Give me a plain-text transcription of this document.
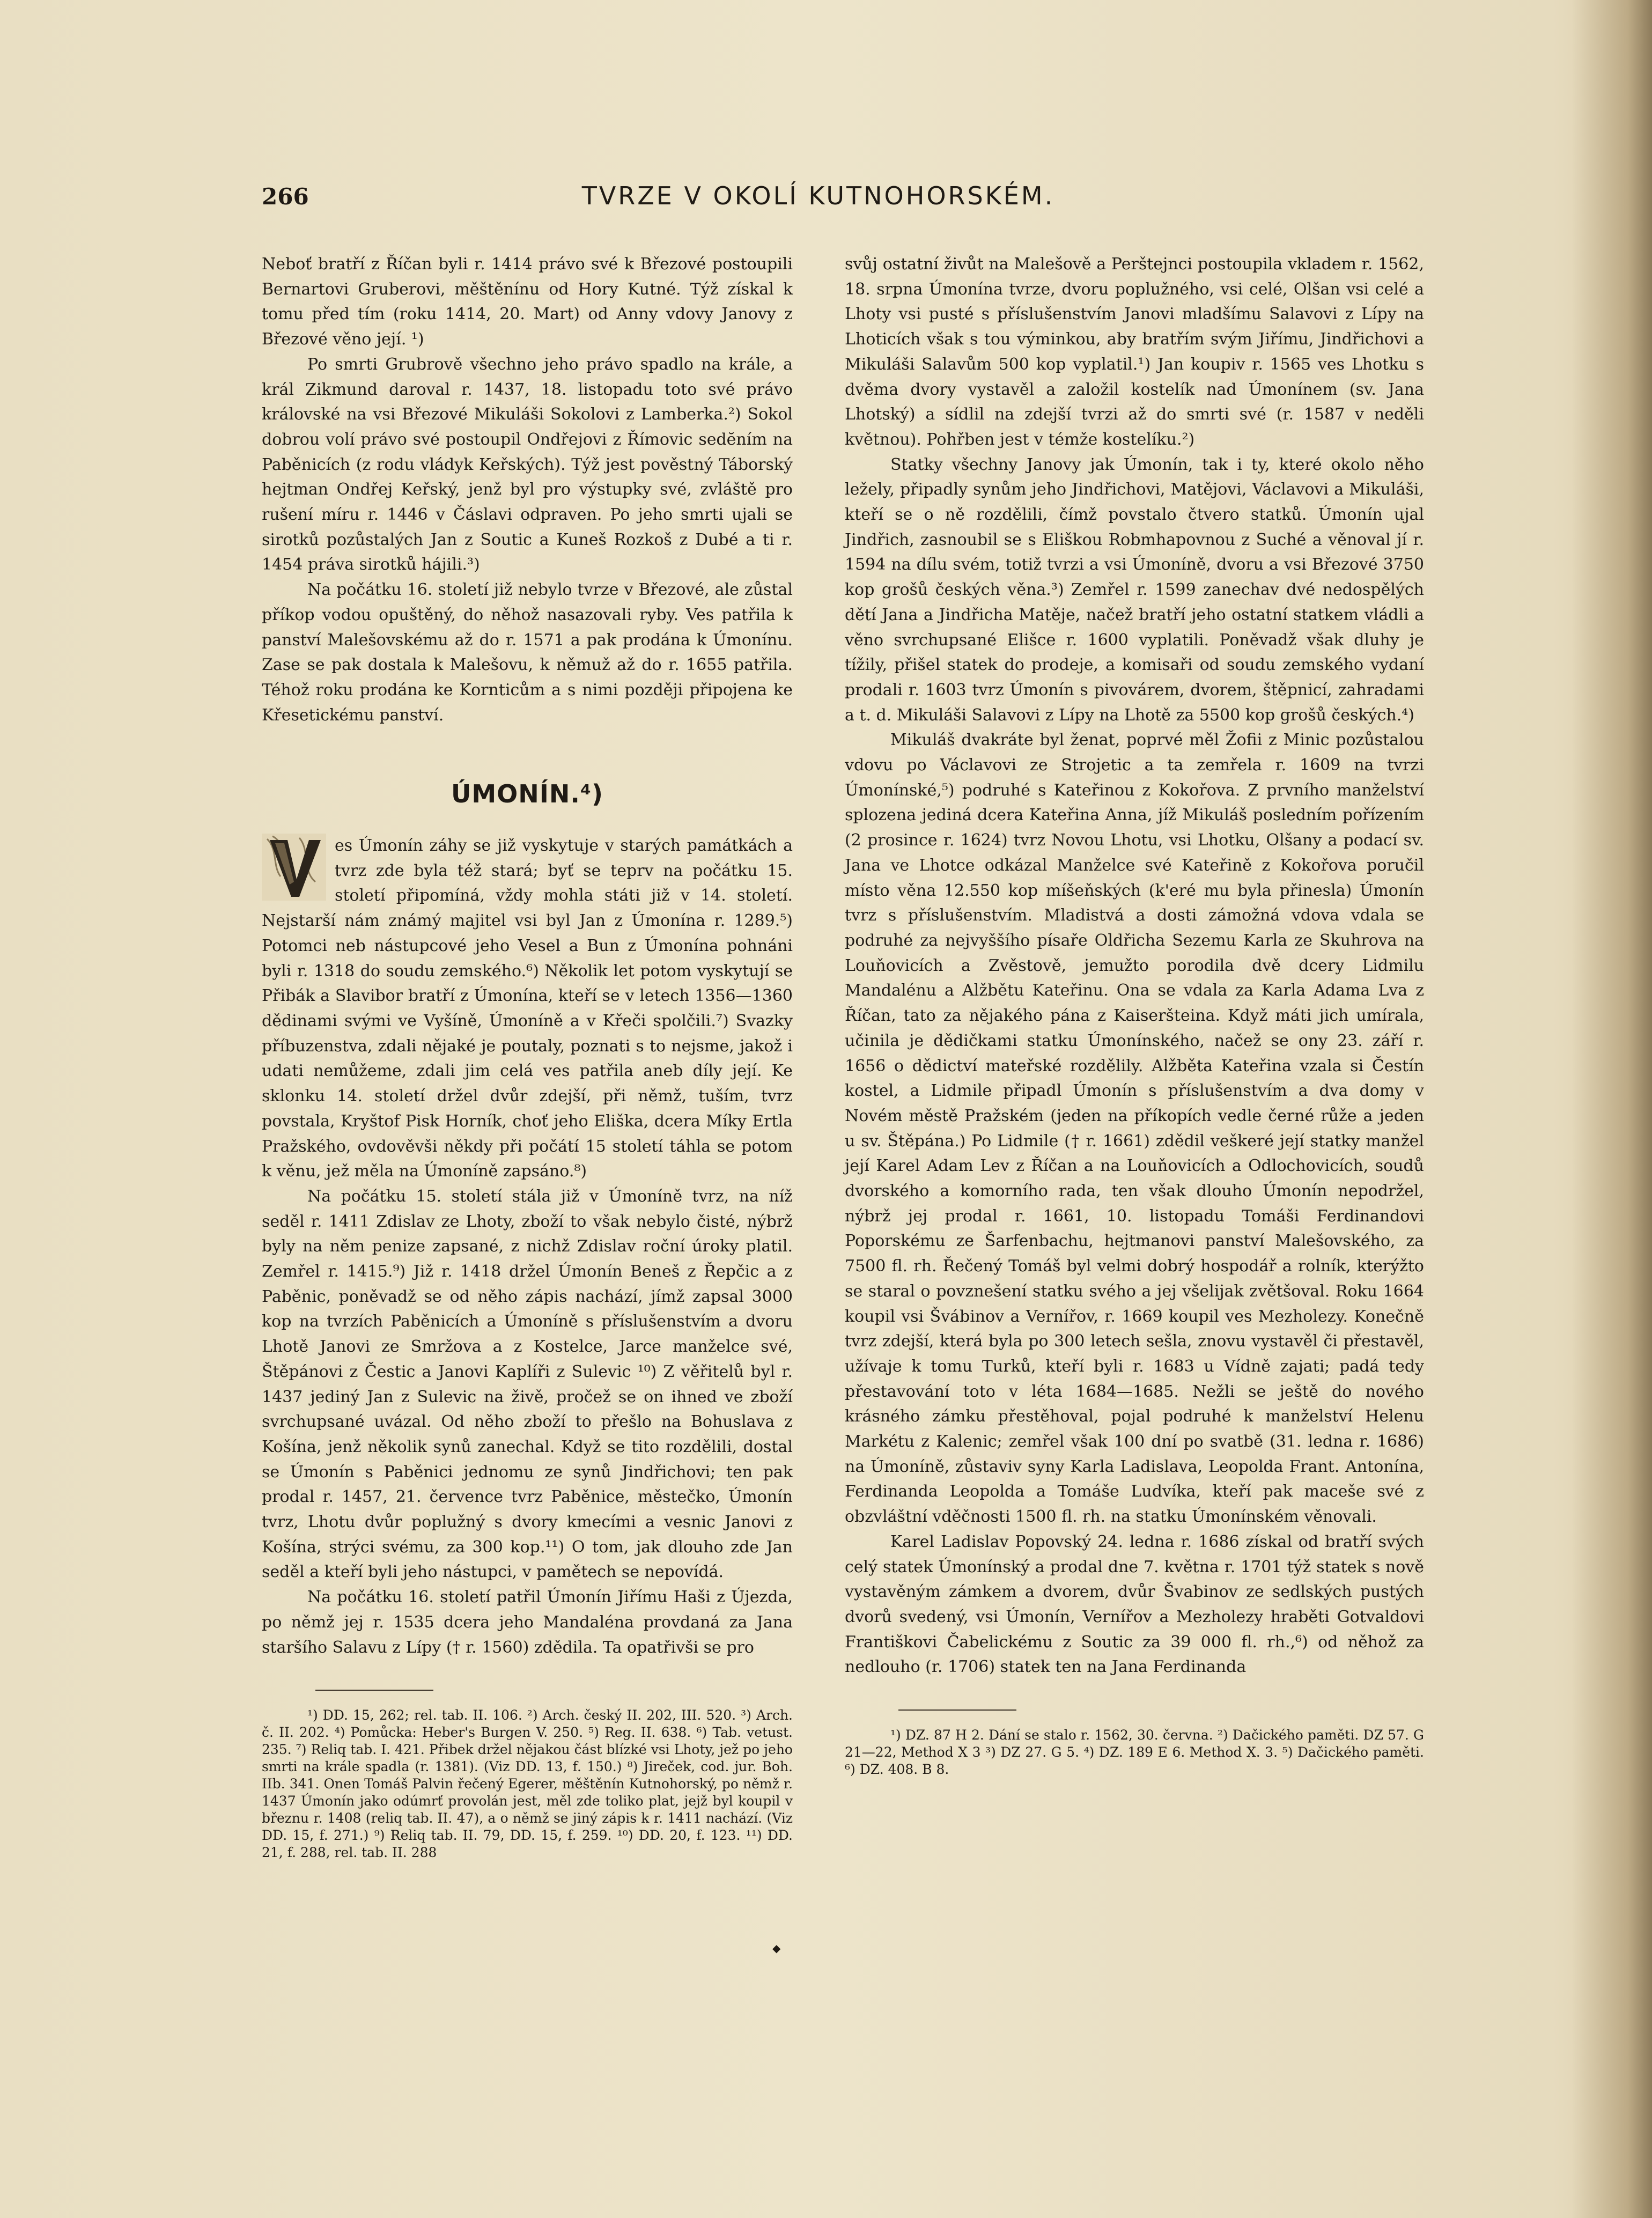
266	TVRZE V OKOLÍ KUTNOHORSKÉM.

Neboť bratří z Říčan byli r. 1414 právo své k Březové postoupili Bernartovi Gruberovi, měštěnínu od Hory Kutné. Týž získal k tomu před tím (roku 1414, 20. Mart) od Anny vdovy Janovy z Březové věno její. ¹)

Po smrti Grubrově všechno jeho právo spadlo na krále, a král Zikmund daroval r. 1437, 18. listopadu toto své právo královské na vsi Březové Mikuláši Sokolovi z Lamberka.²) Sokol dobrou volí právo své postoupil Ondřejovi z Římovic sedĕním na Paběnicích (z rodu vládyk Keřských). Týž jest pověstný Táborský hejtman Ondřej Keřský, jenž byl pro výstupky své, zvláště pro rušení míru r. 1446 v Čáslavi odpraven. Po jeho smrti ujali se sirotků pozůstalých Jan z Soutic a Kuneš Rozkoš z Dubé a ti r. 1454 práva sirotků hájili.³)

Na počátku 16. století již nebylo tvrze v Březové, ale zůstal příkop vodou opuštěný, do něhož nasazovali ryby. Ves patřila k panství Malešovskému až do r. 1571 a pak prodána k Úmonínu. Zase se pak dostala k Malešovu, k němuž až do r. 1655 patřila. Téhož roku prodána ke Kornticům a s nimi později připojena ke Křesetickému panství.

ÚMONÍN.⁴)

es Úmonín záhy se již vyskytuje v starých památkách a tvrz zde byla též stará; byť se teprv na počátku 15. století připomíná, vždy mohla státi již v 14. století. Nejstarší nám známý majitel vsi byl Jan z Úmonína r. 1289.⁵) Potomci neb nástupcové jeho Vesel a Bun z Úmonína pohnáni byli r. 1318 do soudu zemského.⁶) Několik let potom vyskytují se Přibák a Slavibor bratří z Úmonína, kteří se v letech 1356—1360 dědinami svými ve Vyšíně, Úmoníně a v Křeči spolčili.⁷) Svazky příbuzenstva, zdali nějaké je poutaly, poznati s to nejsme, jakož i udati nemůžeme, zdali jim celá ves patřila aneb díly její. Ke sklonku 14. století držel dvůr zdejší, při němž, tuším, tvrz povstala, Kryštof Pisk Horník, choť jeho Eliška, dcera Míky Ertla Pražského, ovdověvši někdy při počátí 15 století táhla se potom k věnu, jež měla na Úmoníně zapsáno.⁸)

Na počátku 15. století stála již v Úmoníně tvrz, na níž seděl r. 1411 Zdislav ze Lhoty, zboží to však nebylo čisté, nýbrž byly na něm penize zapsané, z nichž Zdislav roční úroky platil. Zemřel r. 1415.⁹) Již r. 1418 držel Úmonín Beneš z Řepčic a z Paběnic, poněvadž se od něho zápis nachází, jímž zapsal 3000 kop na tvrzích Paběnicích a Úmoníně s příslušenstvím a dvoru Lhotě Janovi ze Smržova a z Kostelce, Jarce manželce své, Štěpánovi z Čestic a Janovi Kaplíři z Sulevic ¹⁰) Z věřitelů byl r. 1437 jediný Jan z Sulevic na živě, pročež se on ihned ve zboží svrchupsané uvázal. Od něho zboží to přešlo na Bohuslava z Košína, jenž několik synů zanechal. Když se tito rozdělili, dostal se Úmonín s Paběnici jednomu ze synů Jindřichovi; ten pak prodal r. 1457, 21. července tvrz Paběnice, městečko, Úmonín tvrz, Lhotu dvůr poplužný s dvory kmecími a vesnic Janovi z Košína, strýci svému, za 300 kop.¹¹) O tom, jak dlouho zde Jan seděl a kteří byli jeho nástupci, v pamětech se nepovídá.

Na počátku 16. století patřil Úmonín Jiřímu Haši z Újezda, po němž jej r. 1535 dcera jeho Mandaléna provdaná za Jana staršího Salavu z Lípy († r. 1560) zdědila. Ta opatřivši se pro

¹) DD. 15, 262; rel. tab. II. 106. ²) Arch. český II. 202, III. 520. ³) Arch. č. II. 202. ⁴) Pomůcka: Heber's Burgen V. 250. ⁵) Reg. II. 638. ⁶) Tab. vetust. 235. ⁷) Reliq tab. I. 421. Přibek držel nějakou část blízké vsi Lhoty, jež po jeho smrti na krále spadla (r. 1381). (Viz DD. 13, f. 150.) ⁸) Jireček, cod. jur. Boh. IIb. 341. Onen Tomáš Palvin řečený Egerer, měštěnín Kutnohorský, po němž r. 1437 Úmonín jako odúmrť provolán jest, měl zde toliko plat, jejž byl koupil v březnu r. 1408 (reliq tab. II. 47), a o němž se jiný zápis k r. 1411 nachází. (Viz DD. 15, f. 271.) ⁹) Reliq tab. II. 79, DD. 15, f. 259. ¹⁰) DD. 20, f. 123. ¹¹) DD. 21, f. 288, rel. tab. II. 288

svůj ostatní živůt na Malešově a Perštejnci postoupila vkladem r. 1562, 18. srpna Úmonína tvrze, dvoru poplužného, vsi celé, Olšan vsi celé a Lhoty vsi pusté s příslušenstvím Janovi mladšímu Salavovi z Lípy na Lhoticích však s tou výminkou, aby bratřím svým Jiřímu, Jindřichovi a Mikuláši Salavům 500 kop vyplatil.¹) Jan koupiv r. 1565 ves Lhotku s dvěma dvory vystavěl a založil kostelík nad Úmonínem (sv. Jana Lhotský) a sídlil na zdejší tvrzi až do smrti své (r. 1587 v neděli květnou). Pohřben jest v témže kostelíku.²)

Statky všechny Janovy jak Úmonín, tak i ty, které okolo něho ležely, připadly synům jeho Jindřichovi, Matějovi, Václavovi a Mikuláši, kteří se o ně rozdělili, čímž povstalo čtvero statků. Úmonín ujal Jindřich, zasnoubil se s Eliškou Robmhapovnou z Suché a věnoval jí r. 1594 na dílu svém, totiž tvrzi a vsi Úmoníně, dvoru a vsi Březové 3750 kop grošů českých věna.³) Zemřel r. 1599 zanechav dvé nedospělých dětí Jana a Jindřicha Matěje, načež bratří jeho ostatní statkem vládli a věno svrchupsané Elišce r. 1600 vyplatili. Poněvadž však dluhy je tížily, přišel statek do prodeje, a komisaři od soudu zemského vydaní prodali r. 1603 tvrz Úmonín s pivovárem, dvorem, štěpnicí, zahradami a t. d. Mikuláši Salavovi z Lípy na Lhotě za 5500 kop grošů českých.⁴)

Mikuláš dvakráte byl ženat, poprvé měl Žofii z Minic pozůstalou vdovu po Václavovi ze Strojetic a ta zemřela r. 1609 na tvrzi Úmonínské,⁵) podruhé s Kateřinou z Kokořova. Z prvního manželství splozena jediná dcera Kateřina Anna, jíž Mikuláš posledním pořízením (2 prosince r. 1624) tvrz Novou Lhotu, vsi Lhotku, Olšany a podací sv. Jana ve Lhotce odkázal Manželce své Kateřině z Kokořova poručil místo věna 12.550 kop míšeňských (k'eré mu byla přinesla) Úmonín tvrz s příslušenstvím. Mladistvá a dosti zámožná vdova vdala se podruhé za nejvyššího písaře Oldřicha Sezemu Karla ze Skuhrova na Louňovicích a Zvěstově, jemužto porodila dvě dcery Lidmilu Mandalénu a Alžbětu Kateřinu. Ona se vdala za Karla Adama Lva z Říčan, tato za nějakého pána z Kaiseršteina. Když máti jich umírala, učinila je dědičkami statku Úmonínského, načež se ony 23. září r. 1656 o dědictví mateřské rozdělily. Alžběta Kateřina vzala si Čestín kostel, a Lidmile připadl Úmonín s příslušenstvím a dva domy v Novém městě Pražském (jeden na příkopích vedle černé růže a jeden u sv. Štěpána.) Po Lidmile († r. 1661) zdědil veškeré její statky manžel její Karel Adam Lev z Říčan a na Louňovicích a Odlochovicích, soudů dvorského a komorního rada, ten však dlouho Úmonín nepodržel, nýbrž jej prodal r. 1661, 10. listopadu Tomáši Ferdinandovi Poporskému ze Šarfenbachu, hejtmanovi panství Malešovského, za 7500 fl. rh. Řečený Tomáš byl velmi dobrý hospodář a rolník, kterýžto se staral o povznešení statku svého a jej všelijak zvětšoval. Roku 1664 koupil vsi Švábinov a Vernířov, r. 1669 koupil ves Mezholezy. Konečně tvrz zdejší, která byla po 300 letech sešla, znovu vystavěl či přestavěl, užívaje k tomu Turků, kteří byli r. 1683 u Vídně zajati; padá tedy přestavování toto v léta 1684—1685. Nežli se ještě do nového krásného zámku přestěhoval, pojal podruhé k manželství Helenu Markétu z Kalenic; zemřel však 100 dní po svatbě (31. ledna r. 1686) na Úmoníně, zůstaviv syny Karla Ladislava, Leopolda Frant. Antonína, Ferdinanda Leopolda a Tomáše Ludvíka, kteří pak maceše své z obzvláštní vděčnosti 1500 fl. rh. na statku Úmonínském věnovali.

Karel Ladislav Popovský 24. ledna r. 1686 získal od bratří svých celý statek Úmonínský a prodal dne 7. května r. 1701 týž statek s nově vystavěným zámkem a dvorem, dvůr Švabinov ze sedlských pustých dvorů svedený, vsi Úmonín, Vernířov a Mezholezy hraběti Gotvaldovi Františkovi Čabelickému z Soutic za 39 000 fl. rh.,⁶) od něhož za nedlouho (r. 1706) statek ten na Jana Ferdinanda

¹) DZ. 87 H 2. Dání se stalo r. 1562, 30. června. ²) Dačického paměti. DZ 57. G 21—22, Method X 3 ³) DZ 27. G 5. ⁴) DZ. 189 E 6. Method X. 3. ⁵) Dačického paměti. ⁶) DZ. 408. B 8.

◆
